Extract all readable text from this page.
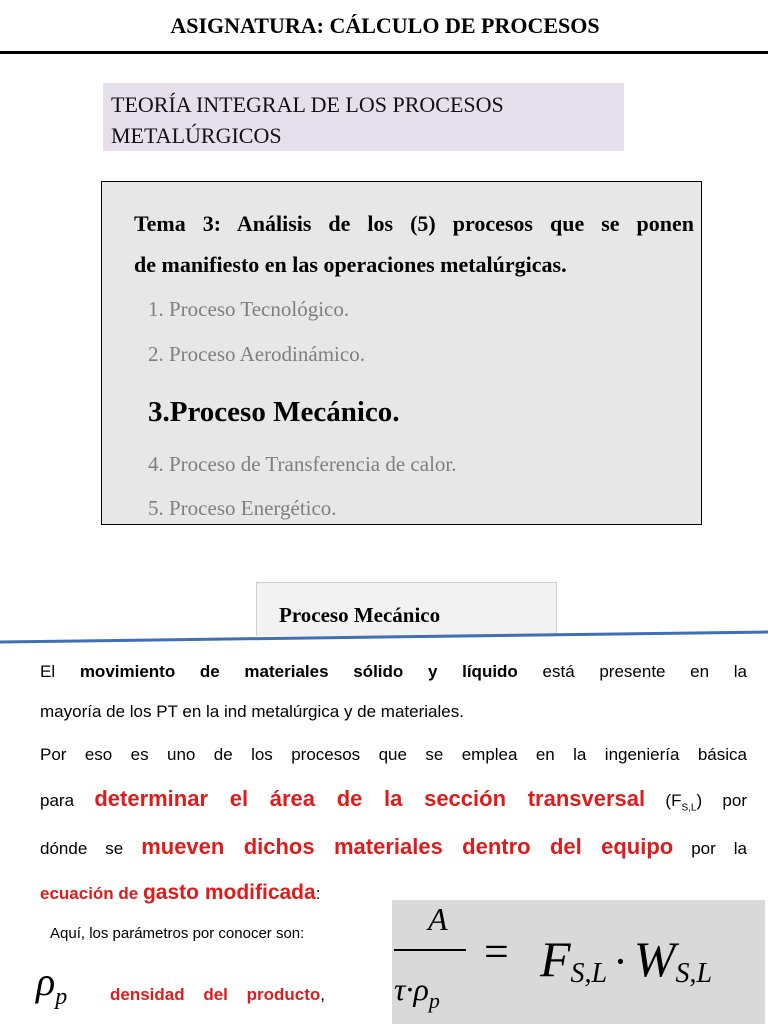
ASIGNATURA: CÁLCULO DE PROCESOS
TEORÍA INTEGRAL DE LOS PROCESOS METALÚRGICOS
Tema 3: Análisis de los (5) procesos que se ponen
de manifiesto en las operaciones metalúrgicas.
1. Proceso Tecnológico.
2. Proceso Aerodinámico.
3.Proceso Mecánico.
4. Proceso de Transferencia de calor.
5. Proceso Energético.
Proceso Mecánico
El movimiento de materiales sólido y líquido está presente en la
mayoría de los PT en la ind metalúrgica y de materiales.
Por eso es uno de los procesos que se emplea en la ingeniería básica
para determinar el área de la sección transversal $(F_{S,L})$ por
dónde se mueven dichos materiales dentro del equipo por la
ecuación de gasto modificada:
Aquí, los parámetros por conocer son:
$\rho_p$	densidad del producto,
A
$\tau\cdot\rho_p$
= FS,L · WS,L
